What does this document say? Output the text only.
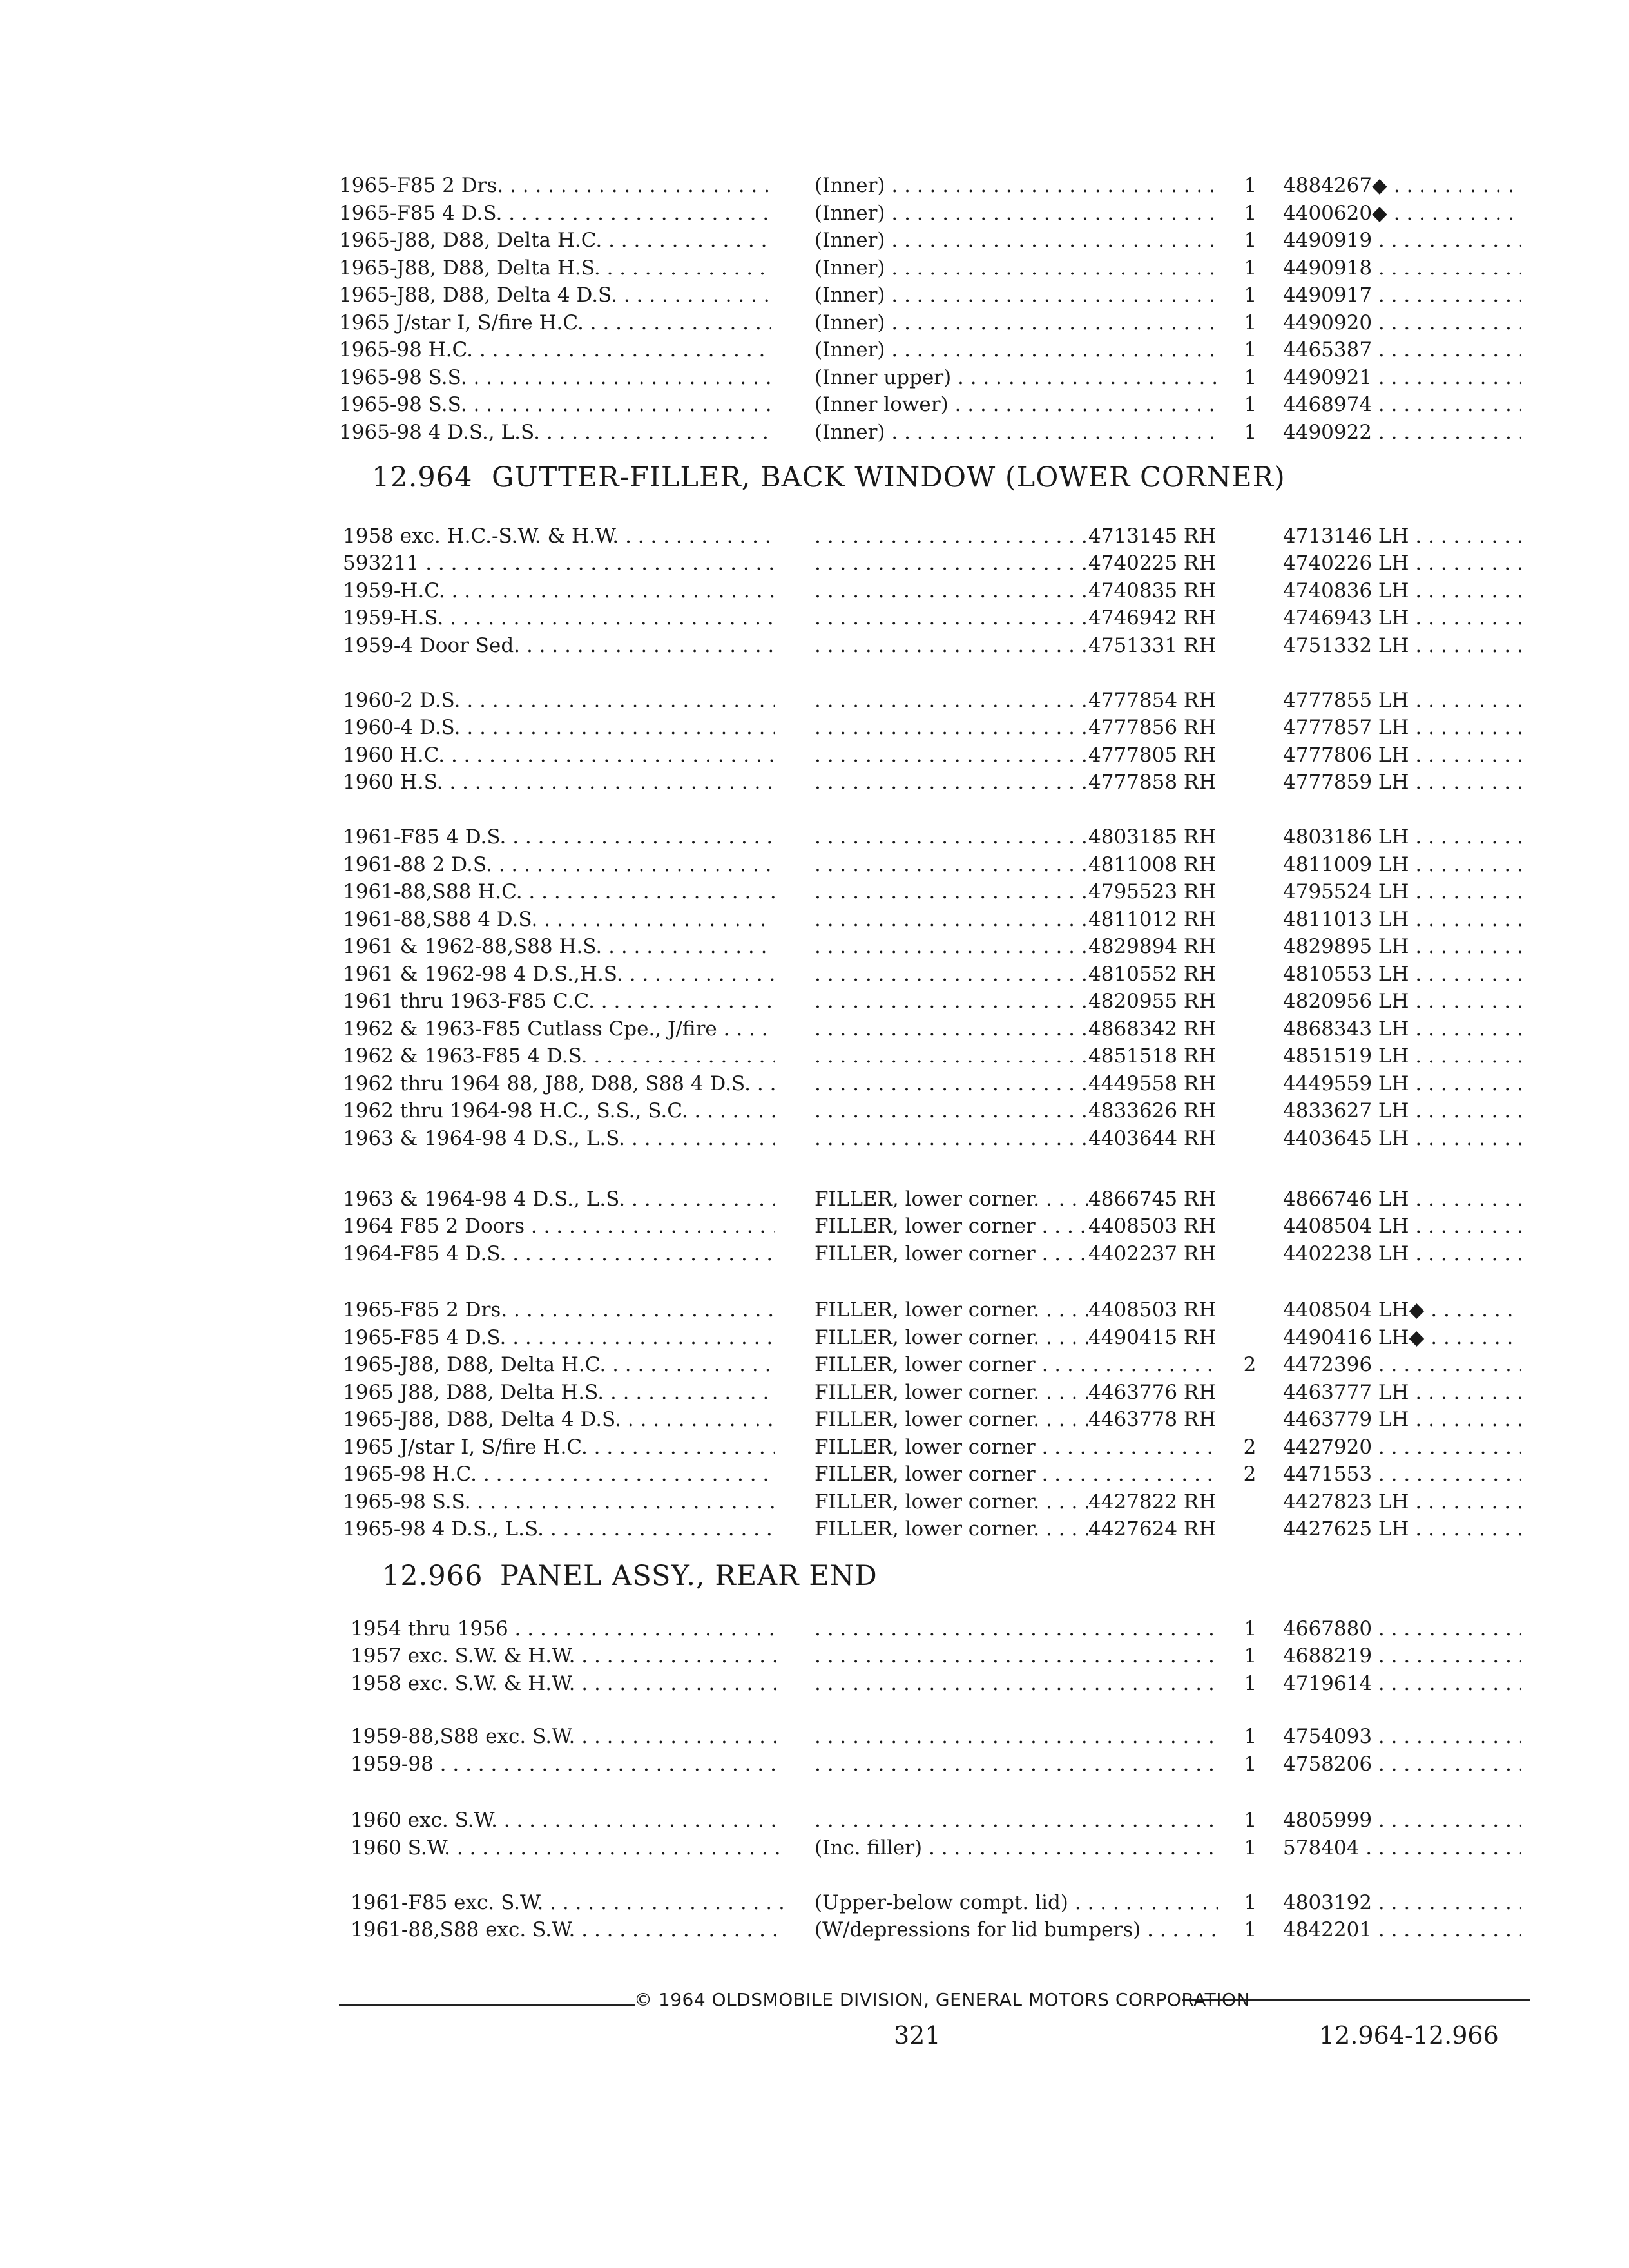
1965-F85 2 Drs. . . .	(Inner) . . .	1	4884267◆ . . .
1965-F85 4 D.S. . . .	(Inner) . . .	1	4400620◆ . . .
1965-J88, D88, Delta H.C. . . .	(Inner) . . .	1	4490919 . . .
1965-J88, D88, Delta H.S. . . .	(Inner) . . .	1	4490918 . . .
1965-J88, D88, Delta 4 D.S. . . .	(Inner) . . .	1	4490917 . . .
1965 J/star I, S/fire H.C. . . .	(Inner) . . .	1	4490920 . . .
1965-98 H.C. . . .	(Inner) . . .	1	4465387 . . .
1965-98 S.S. . . .	(Inner upper) . . .	1	4490921 . . .
1965-98 S.S. . . .	(Inner lower) . . .	1	4468974 . . .
1965-98 4 D.S., L.S. . . .	(Inner) . . .	1	4490922 . . .
12.964 GUTTER-FILLER, BACK WINDOW (LOWER CORNER)
1958 exc. H.C.-S.W. & H.W. . . . . . .	4713145 RH	4713146 LH . . .
593211 . . . . . .	4740225 RH	4740226 LH . . .
1959-H.C. . . . . . .	4740835 RH	4740836 LH . . .
1959-H.S. . . . . . .	4746942 RH	4746943 LH . . .
1959-4 Door Sed. . . . . . .	4751331 RH	4751332 LH . . .
1960-2 D.S. . . . . . .	4777854 RH	4777855 LH . . .
1960-4 D.S. . . . . . .	4777856 RH	4777857 LH . . .
1960 H.C. . . . . . .	4777805 RH	4777806 LH . . .
1960 H.S. . . . . . .	4777858 RH	4777859 LH . . .
1961-F85 4 D.S. . . . . . .	4803185 RH	4803186 LH . . .
1961-88 2 D.S. . . . . . .	4811008 RH	4811009 LH . . .
1961-88,S88 H.C. . . . . . .	4795523 RH	4795524 LH . . .
1961-88,S88 4 D.S. . . . . . .	4811012 RH	4811013 LH . . .
1961 & 1962-88,S88 H.S. . . . . . .	4829894 RH	4829895 LH . . .
1961 & 1962-98 4 D.S.,H.S. . . . . . .	4810552 RH	4810553 LH . . .
1961 thru 1963-F85 C.C. . . . . . .	4820955 RH	4820956 LH . . .
1962 & 1963-F85 Cutlass Cpe., J/fire . . . . . .	4868342 RH	4868343 LH . . .
1962 & 1963-F85 4 D.S. . . . . . .	4851518 RH	4851519 LH . . .
1962 thru 1964 88, J88, D88, S88 4 D.S. . . . . . .	4449558 RH	4449559 LH . . .
1962 thru 1964-98 H.C., S.S., S.C. . . . . . .	4833626 RH	4833627 LH . . .
1963 & 1964-98 4 D.S., L.S. . . . . . .	4403644 RH	4403645 LH . . .
1963 & 1964-98 4 D.S., L.S. . . .	FILLER, lower corner. . . .	4866745 RH	4866746 LH . . .
1964 F85 2 Doors . . .	FILLER, lower corner . . .	4408503 RH	4408504 LH . . .
1964-F85 4 D.S. . . .	FILLER, lower corner . . .	4402237 RH	4402238 LH . . .
1965-F85 2 Drs. . . .	FILLER, lower corner. . . .	4408503 RH	4408504 LH◆ . . .
1965-F85 4 D.S. . . .	FILLER, lower corner. . . .	4490415 RH	4490416 LH◆ . . .
1965-J88, D88, Delta H.C. . . .	FILLER, lower corner . . .	2	4472396 . . .
1965 J88, D88, Delta H.S. . . .	FILLER, lower corner. . . .	4463776 RH	4463777 LH . . .
1965-J88, D88, Delta 4 D.S. . . .	FILLER, lower corner. . . .	4463778 RH	4463779 LH . . .
1965 J/star I, S/fire H.C. . . .	FILLER, lower corner . . .	2	4427920 . . .
1965-98 H.C. . . .	FILLER, lower corner . . .	2	4471553 . . .
1965-98 S.S. . . .	FILLER, lower corner. . . .	4427822 RH	4427823 LH . . .
1965-98 4 D.S., L.S. . . .	FILLER, lower corner. . . .	4427624 RH	4427625 LH . . .
12.966 PANEL ASSY., REAR END
1954 thru 1956 . . . . . .	1	4667880 . . .
1957 exc. S.W. & H.W. . . . . . .	1	4688219 . . .
1958 exc. S.W. & H.W. . . . . . .	1	4719614 . . .
1959-88,S88 exc. S.W. . . . . . .	1	4754093 . . .
1959-98 . . . . . .	1	4758206 . . .
1960 exc. S.W. . . . . . .	1	4805999 . . .
1960 S.W. . . .	(Inc. filler) . . .	1	578404 . . .
1961-F85 exc. S.W. . . .	(Upper-below compt. lid) . . .	1	4803192 . . .
1961-88,S88 exc. S.W. . . .	(W/depressions for lid bumpers) . . .	1	4842201 . . .
© 1964 OLDSMOBILE DIVISION, GENERAL MOTORS CORPORATION
321	12.964-12.966
